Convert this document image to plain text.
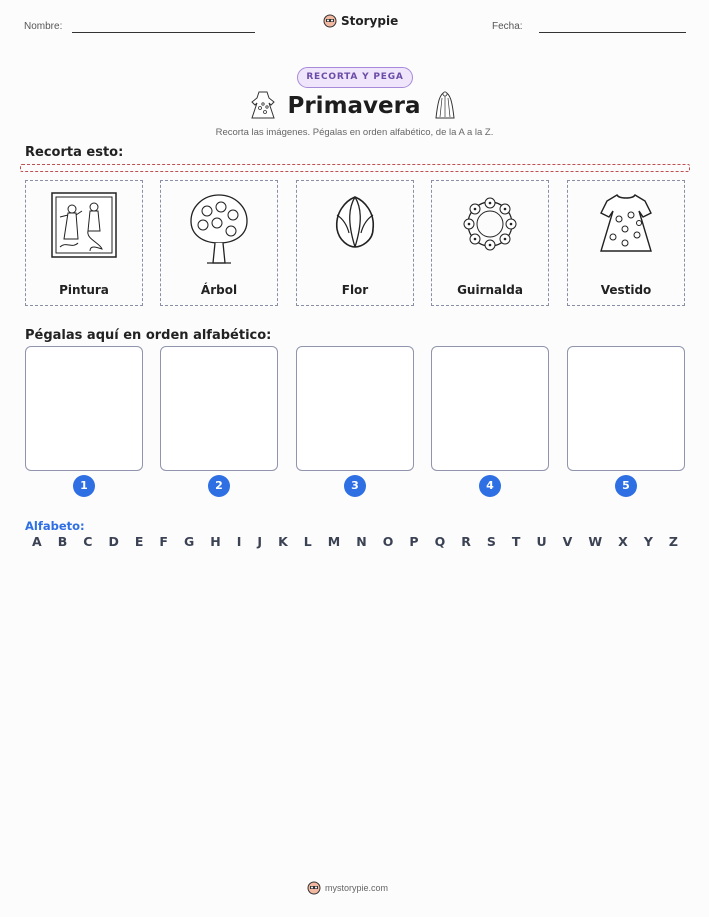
Nombre:	Storypie	Fecha:
RECORTA Y PEGA
Primavera
Recorta las imágenes. Pégalas en orden alfabético, de la A a la Z.
Recorta esto:
Pintura	Árbol	Flor	Guirnalda	Vestido
Pégalas aquí en orden alfabético:
1	2	3	4	5
Alfabeto:
A B C D E F G H I J K L M N O P Q R S T U V W X Y Z
mystorypie.com
